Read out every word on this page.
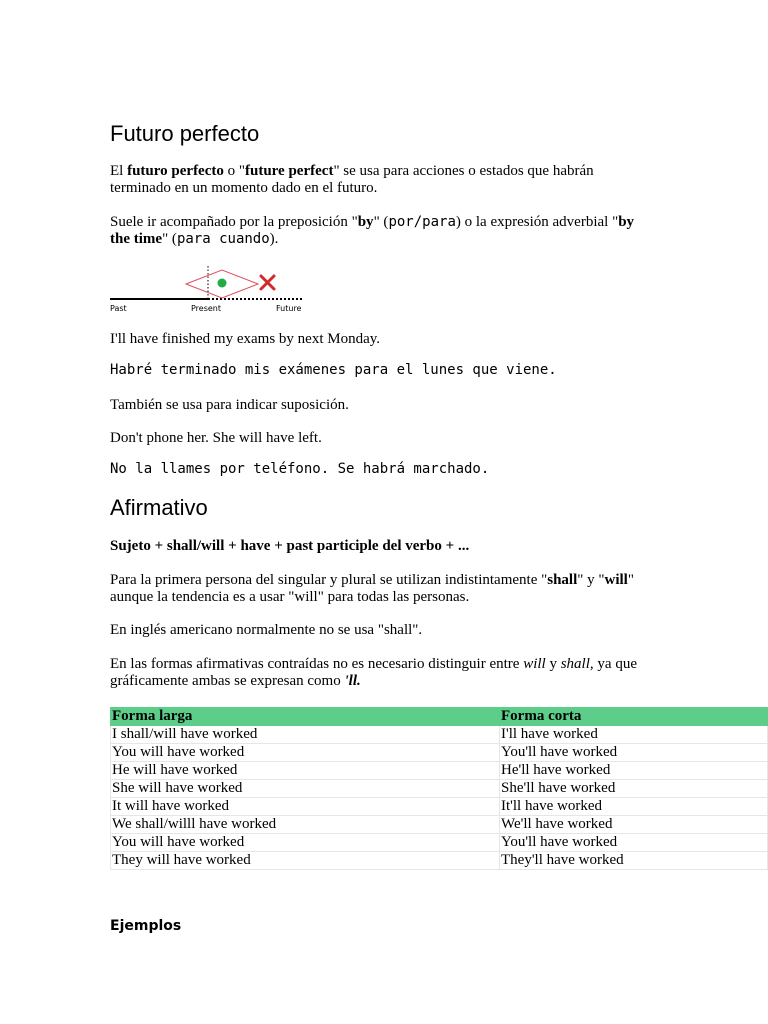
Futuro perfecto

El futuro perfecto o "future perfect" se usa para acciones o estados que habrán terminado en un momento dado en el futuro.

Suele ir acompañado por la preposición "by" (por/para) o la expresión adverbial "by the time" (para cuando).

Past	Present	Future

I'll have finished my exams by next Monday.

Habré terminado mis exámenes para el lunes que viene.

También se usa para indicar suposición.

Don't phone her. She will have left.

No la llames por teléfono. Se habrá marchado.

Afirmativo

Sujeto + shall/will + have + past participle del verbo + ...

Para la primera persona del singular y plural se utilizan indistintamente "shall" y "will" aunque la tendencia es a usar "will" para todas las personas.

En inglés americano normalmente no se usa "shall".

En las formas afirmativas contraídas no es necesario distinguir entre will y shall, ya que gráficamente ambas se expresan como 'll.

Forma larga	Forma corta
I shall/will have worked	I'll have worked
You will have worked	You'll have worked
He will have worked	He'll have worked
She will have worked	She'll have worked
It will have worked	It'll have worked
We shall/willl have worked	We'll have worked
You will have worked	You'll have worked
They will have worked	They'll have worked
Ejemplos
